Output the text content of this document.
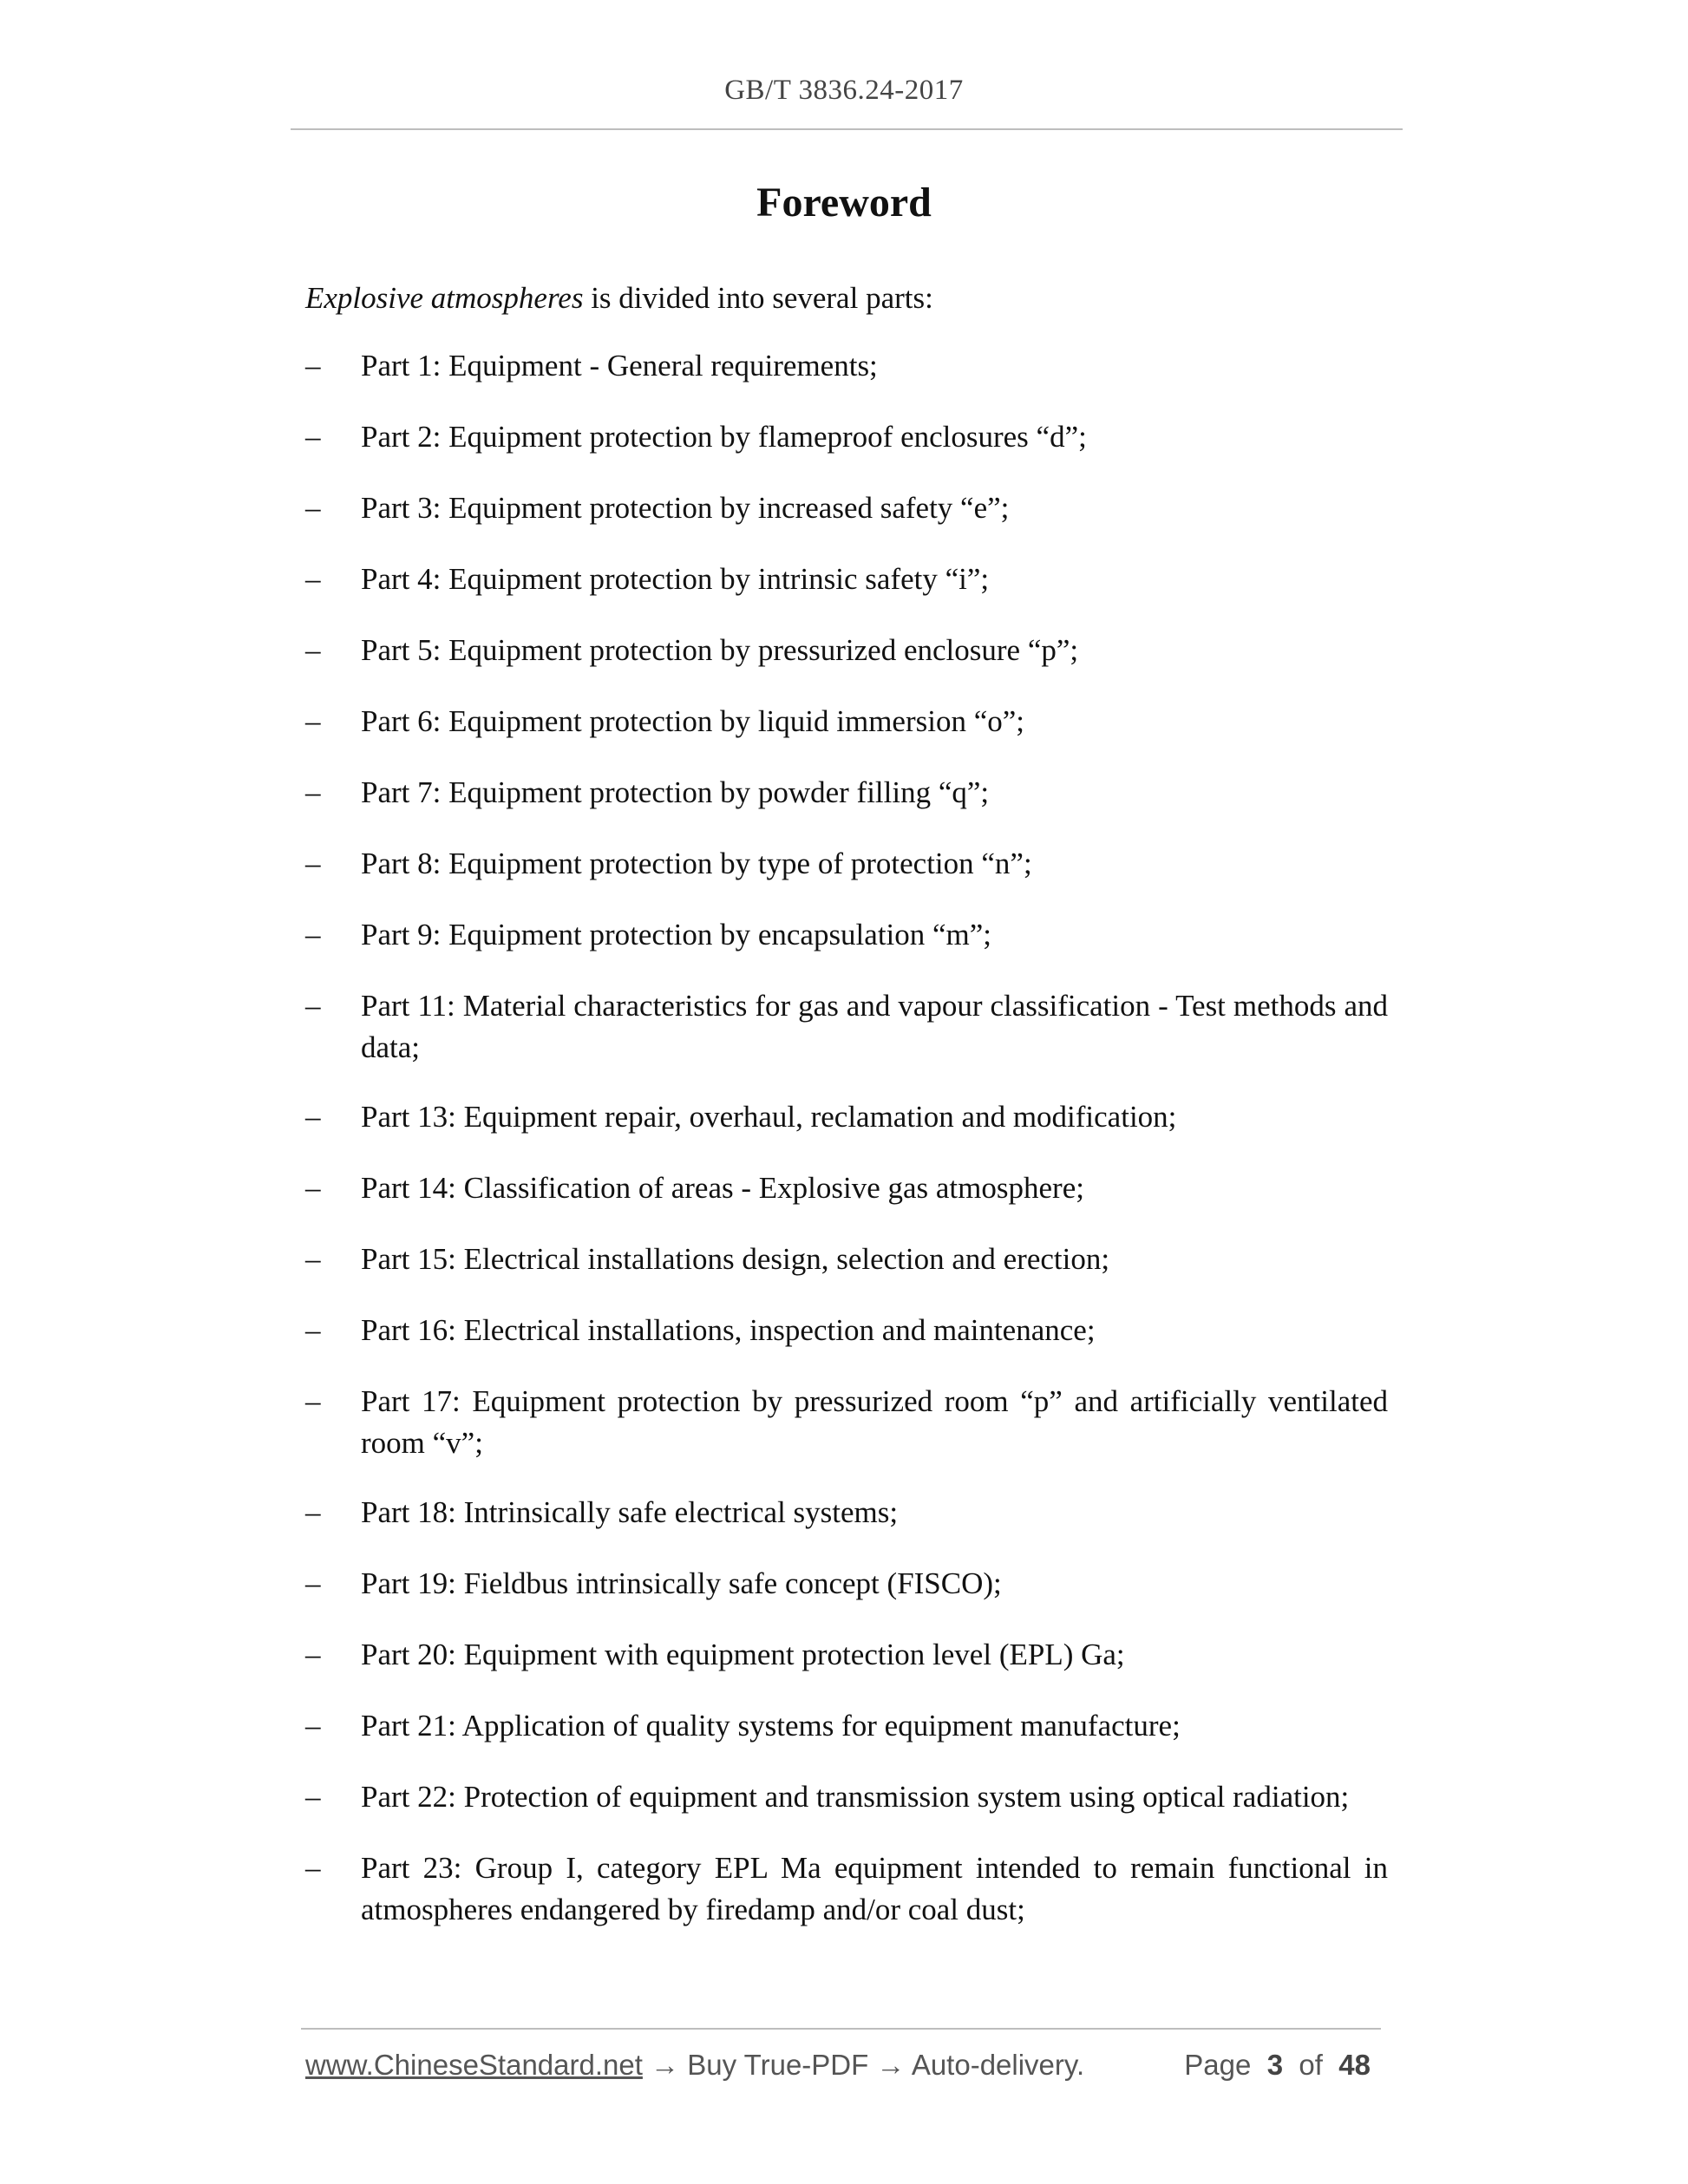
GB/T 3836.24-2017
Foreword
Explosive atmospheres is divided into several parts:
– Part 1: Equipment - General requirements;
– Part 2: Equipment protection by flameproof enclosures “d”;
– Part 3: Equipment protection by increased safety “e”;
– Part 4: Equipment protection by intrinsic safety “i”;
– Part 5: Equipment protection by pressurized enclosure “p”;
– Part 6: Equipment protection by liquid immersion “o”;
– Part 7: Equipment protection by powder filling “q”;
– Part 8: Equipment protection by type of protection “n”;
– Part 9: Equipment protection by encapsulation “m”;
– Part 11: Material characteristics for gas and vapour classification - Test methods and data;
– Part 13: Equipment repair, overhaul, reclamation and modification;
– Part 14: Classification of areas - Explosive gas atmosphere;
– Part 15: Electrical installations design, selection and erection;
– Part 16: Electrical installations, inspection and maintenance;
– Part 17: Equipment protection by pressurized room “p” and artificially ventilated room “v”;
– Part 18: Intrinsically safe electrical systems;
– Part 19: Fieldbus intrinsically safe concept (FISCO);
– Part 20: Equipment with equipment protection level (EPL) Ga;
– Part 21: Application of quality systems for equipment manufacture;
– Part 22: Protection of equipment and transmission system using optical radiation;
– Part 23: Group I, category EPL Ma equipment intended to remain functional in atmospheres endangered by firedamp and/or coal dust;
www.ChineseStandard.net → Buy True-PDF → Auto-delivery.	Page 3 of 48
